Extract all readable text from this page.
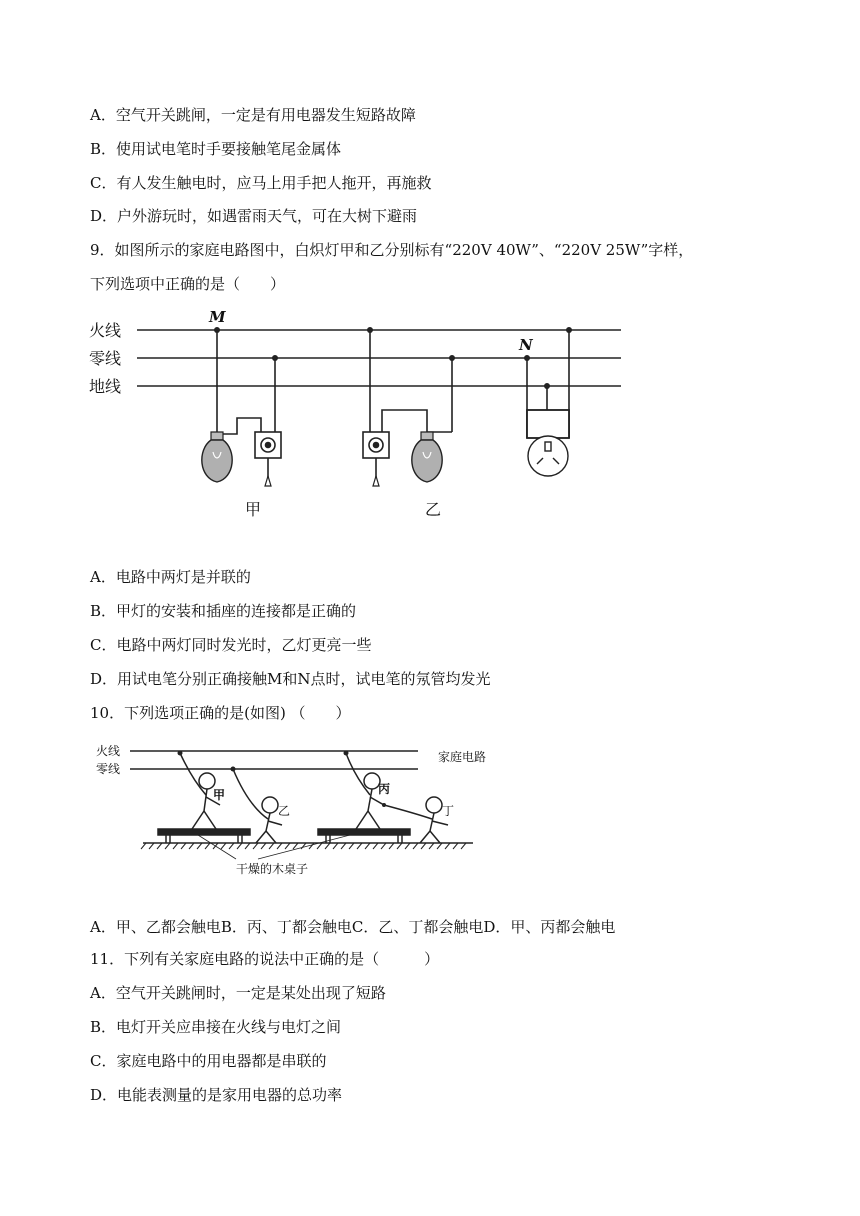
A．空气开关跳闸，一定是有用电器发生短路故障
B．使用试电笔时手要接触笔尾金属体
C．有人发生触电时，应马上用手把人拖开，再施救
D．户外游玩时，如遇雷雨天气，可在大树下避雨
9．如图所示的家庭电路图中，白炽灯甲和乙分别标有“220V 40W”、“220V 25W”字样，
下列选项中正确的是（　　）
火线
零线
地线
M
N
甲	乙
A．电路中两灯是并联的
B．甲灯的安装和插座的连接都是正确的
C．电路中两灯同时发光时，乙灯更亮一些
D．用试电笔分别正确接触M和N点时，试电笔的氖管均发光
10．下列选项正确的是(如图) （　　）
火线
零线
家庭电路
甲
乙
丙
丁
干燥的木桌子
A．甲、乙都会触电B．丙、丁都会触电C．乙、丁都会触电D．甲、丙都会触电
11．下列有关家庭电路的说法中正确的是（　　　）
A．空气开关跳闸时，一定是某处出现了短路
B．电灯开关应串接在火线与电灯之间
C．家庭电路中的用电器都是串联的
D．电能表测量的是家用电器的总功率
